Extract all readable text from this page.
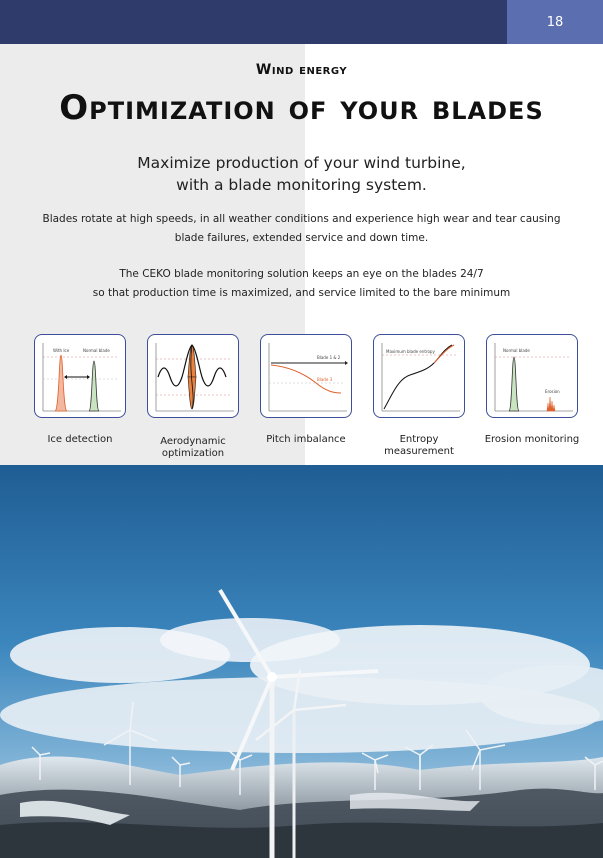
18
Wind energy
Optimization of your blades
Maximize production of your wind turbine,
with a blade monitoring system.
Blades rotate at high speeds, in all weather conditions and experience high wear and tear causing
blade failures, extended service and down time.
The CEKO blade monitoring solution keeps an eye on the blades 24/7
so that production time is maximized, and service limited to the bare minimum
With Ice	Normal blade
Ice detection	Aerodynamic optimization
Blade 1 & 2
Blade 3
Pitch imbalance
Maximum blade entropy
Entropy measurement
Normal blade
Erosion
Erosion monitoring
